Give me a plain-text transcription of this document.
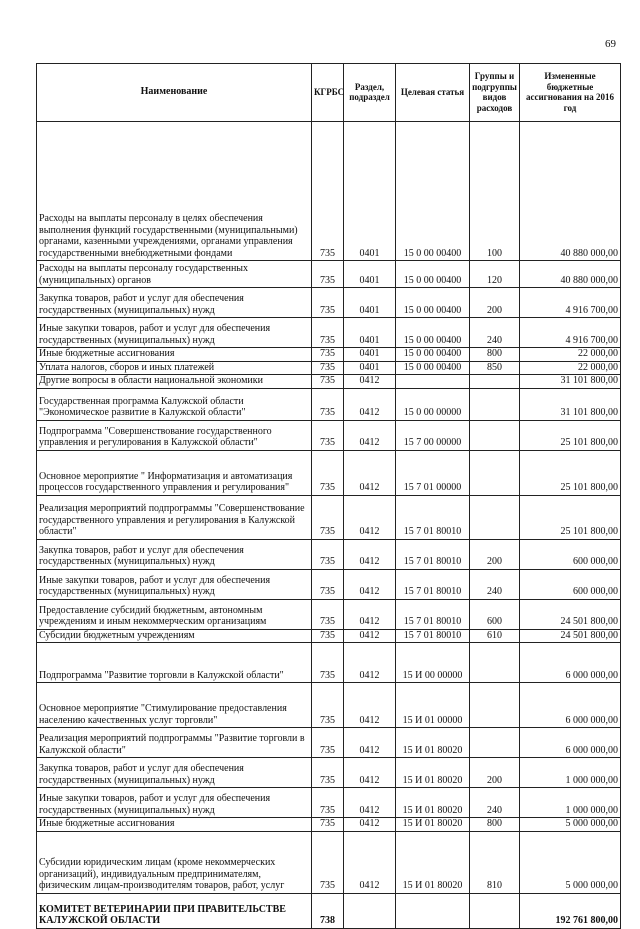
69
Наименование	КГРБС	Раздел, подраздел	Целевая статья	Группы и подгруппы видов расходов	Измененные бюджетные ассигнования на 2016 год
Расходы на выплаты персоналу в целях обеспечения выполнения функций государственными (муниципальными) органами, казенными учреждениями, органами управления государственными внебюджетными фондами	735	0401	15 0 00 00400	100	40 880 000,00
Расходы на выплаты персоналу государственных (муниципальных) органов	735	0401	15 0 00 00400	120	40 880 000,00
Закупка товаров, работ и услуг для обеспечения государственных (муниципальных) нужд	735	0401	15 0 00 00400	200	4 916 700,00
Иные закупки товаров, работ и услуг для обеспечения государственных (муниципальных) нужд	735	0401	15 0 00 00400	240	4 916 700,00
Иные бюджетные ассигнования	735	0401	15 0 00 00400	800	22 000,00
Уплата налогов, сборов и иных платежей	735	0401	15 0 00 00400	850	22 000,00
Другие вопросы в области национальной экономики	735	0412			31 101 800,00
Государственная программа Калужской области "Экономическое развитие в Калужской области"	735	0412	15 0 00 00000		31 101 800,00
Подпрограмма "Совершенствование государственного управления и регулирования в Калужской области"	735	0412	15 7 00 00000		25 101 800,00
Основное мероприятие " Информатизация и автоматизация процессов государственного управления и регулирования"	735	0412	15 7 01 00000		25 101 800,00
Реализация мероприятий подпрограммы "Совершенствование государственного управления и регулирования в Калужской области"	735	0412	15 7 01 80010		25 101 800,00
Закупка товаров, работ и услуг для обеспечения государственных (муниципальных) нужд	735	0412	15 7 01 80010	200	600 000,00
Иные закупки товаров, работ и услуг для обеспечения государственных (муниципальных) нужд	735	0412	15 7 01 80010	240	600 000,00
Предоставление субсидий бюджетным, автономным учреждениям и иным некоммерческим организациям	735	0412	15 7 01 80010	600	24 501 800,00
Субсидии бюджетным учреждениям	735	0412	15 7 01 80010	610	24 501 800,00
Подпрограмма "Развитие торговли в Калужской области"	735	0412	15 И 00 00000		6 000 000,00
Основное мероприятие "Стимулирование предоставления населению качественных услуг торговли"	735	0412	15 И 01 00000		6 000 000,00
Реализация мероприятий подпрограммы "Развитие торговли в Калужской области"	735	0412	15 И 01 80020		6 000 000,00
Закупка товаров, работ и услуг для обеспечения государственных (муниципальных) нужд	735	0412	15 И 01 80020	200	1 000 000,00
Иные закупки товаров, работ и услуг для обеспечения государственных (муниципальных) нужд	735	0412	15 И 01 80020	240	1 000 000,00
Иные бюджетные ассигнования	735	0412	15 И 01 80020	800	5 000 000,00
Субсидии юридическим лицам (кроме некоммерческих организаций), индивидуальным предпринимателям, физическим лицам-производителям товаров, работ, услуг	735	0412	15 И 01 80020	810	5 000 000,00
КОМИТЕТ ВЕТЕРИНАРИИ ПРИ ПРАВИТЕЛЬСТВЕ КАЛУЖСКОЙ ОБЛАСТИ	738				192 761 800,00
